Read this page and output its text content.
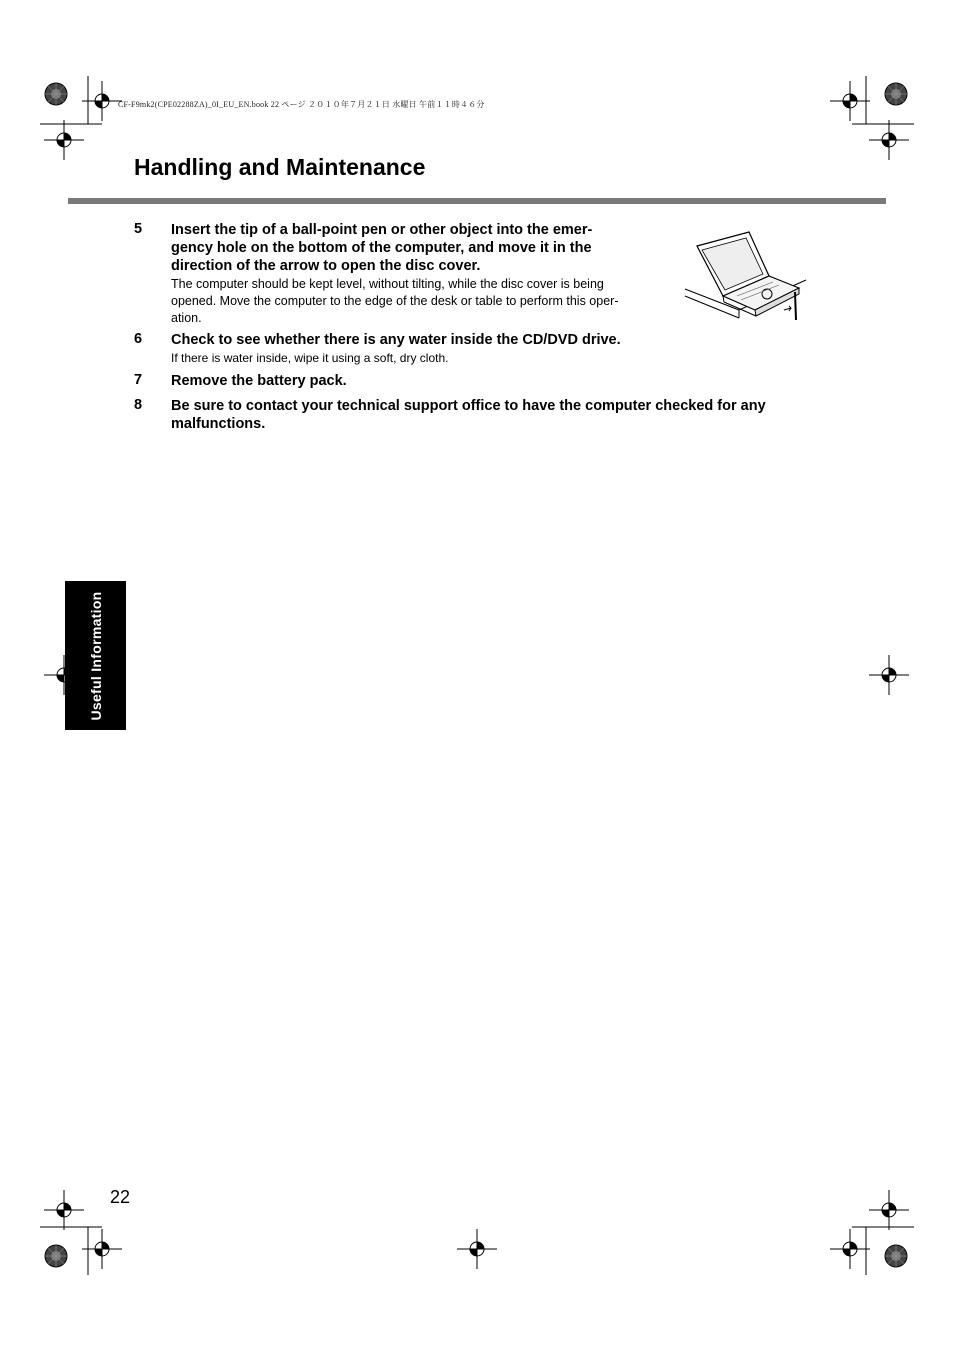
CF-F9mk2(CPE02288ZA)_0I_EU_EN.book 22 ページ ２０１０年７月２１日 水曜日 午前１１時４６分
Handling and Maintenance
5 Insert the tip of a ball-point pen or other object into the emer-
gency hole on the bottom of the computer, and move it in the
direction of the arrow to open the disc cover.
The computer should be kept level, without tilting, while the disc cover is being
opened. Move the computer to the edge of the desk or table to perform this oper-
ation.
6 Check to see whether there is any water inside the CD/DVD drive.
If there is water inside, wipe it using a soft, dry cloth.
7 Remove the battery pack.
8 Be sure to contact your technical support office to have the computer checked for any
malfunctions.
Useful Information
22
